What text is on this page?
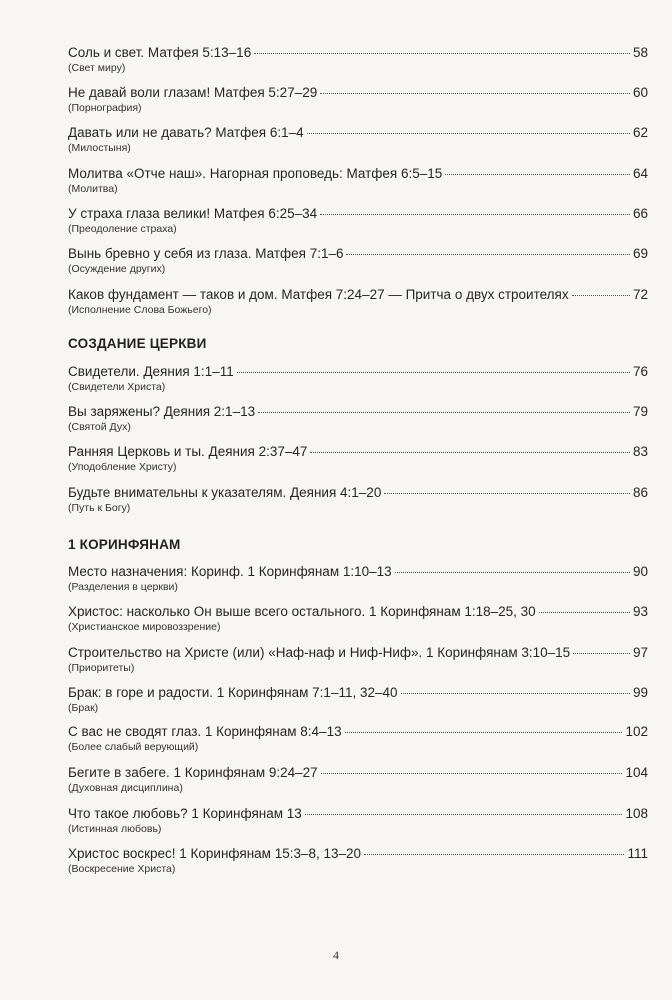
Соль и свет. Матфея 5:13–16	58
(Свет миру)
Не давай воли глазам! Матфея 5:27–29	60
(Порнография)
Давать или не давать? Матфея 6:1–4	62
(Милостыня)
Молитва «Отче наш». Нагорная проповедь: Матфея 6:5–15	64
(Молитва)
У страха глаза велики! Матфея 6:25–34	66
(Преодоление страха)
Вынь бревно у себя из глаза. Матфея 7:1–6	69
(Осуждение других)
Каков фундамент — таков и дом. Матфея 7:24–27 — Притча о двух строителях	72
(Исполнение Слова Божьего)
СОЗДАНИЕ ЦЕРКВИ
Свидетели. Деяния 1:1–11	76
(Свидетели Христа)
Вы заряжены? Деяния 2:1–13	79
(Святой Дух)
Ранняя Церковь и ты. Деяния 2:37–47	83
(Уподобление Христу)
Будьте внимательны к указателям. Деяния 4:1–20	86
(Путь к Богу)
1 КОРИНФЯНАМ
Место назначения: Коринф. 1 Коринфянам 1:10–13	90
(Разделения в церкви)
Христос: насколько Он выше всего остального. 1 Коринфянам 1:18–25, 30	93
(Христианское мировоззрение)
Строительство на Христе (или) «Наф-наф и Ниф-Ниф». 1 Коринфянам 3:10–15	97
(Приоритеты)
Брак: в горе и радости. 1 Коринфянам 7:1–11, 32–40	99
(Брак)
С вас не сводят глаз. 1 Коринфянам 8:4–13	102
(Более слабый верующий)
Бегите в забеге. 1 Коринфянам 9:24–27	104
(Духовная дисциплина)
Что такое любовь? 1 Коринфянам 13	108
(Истинная любовь)
Христос воскрес! 1 Коринфянам 15:3–8, 13–20	111
(Воскресение Христа)
4
